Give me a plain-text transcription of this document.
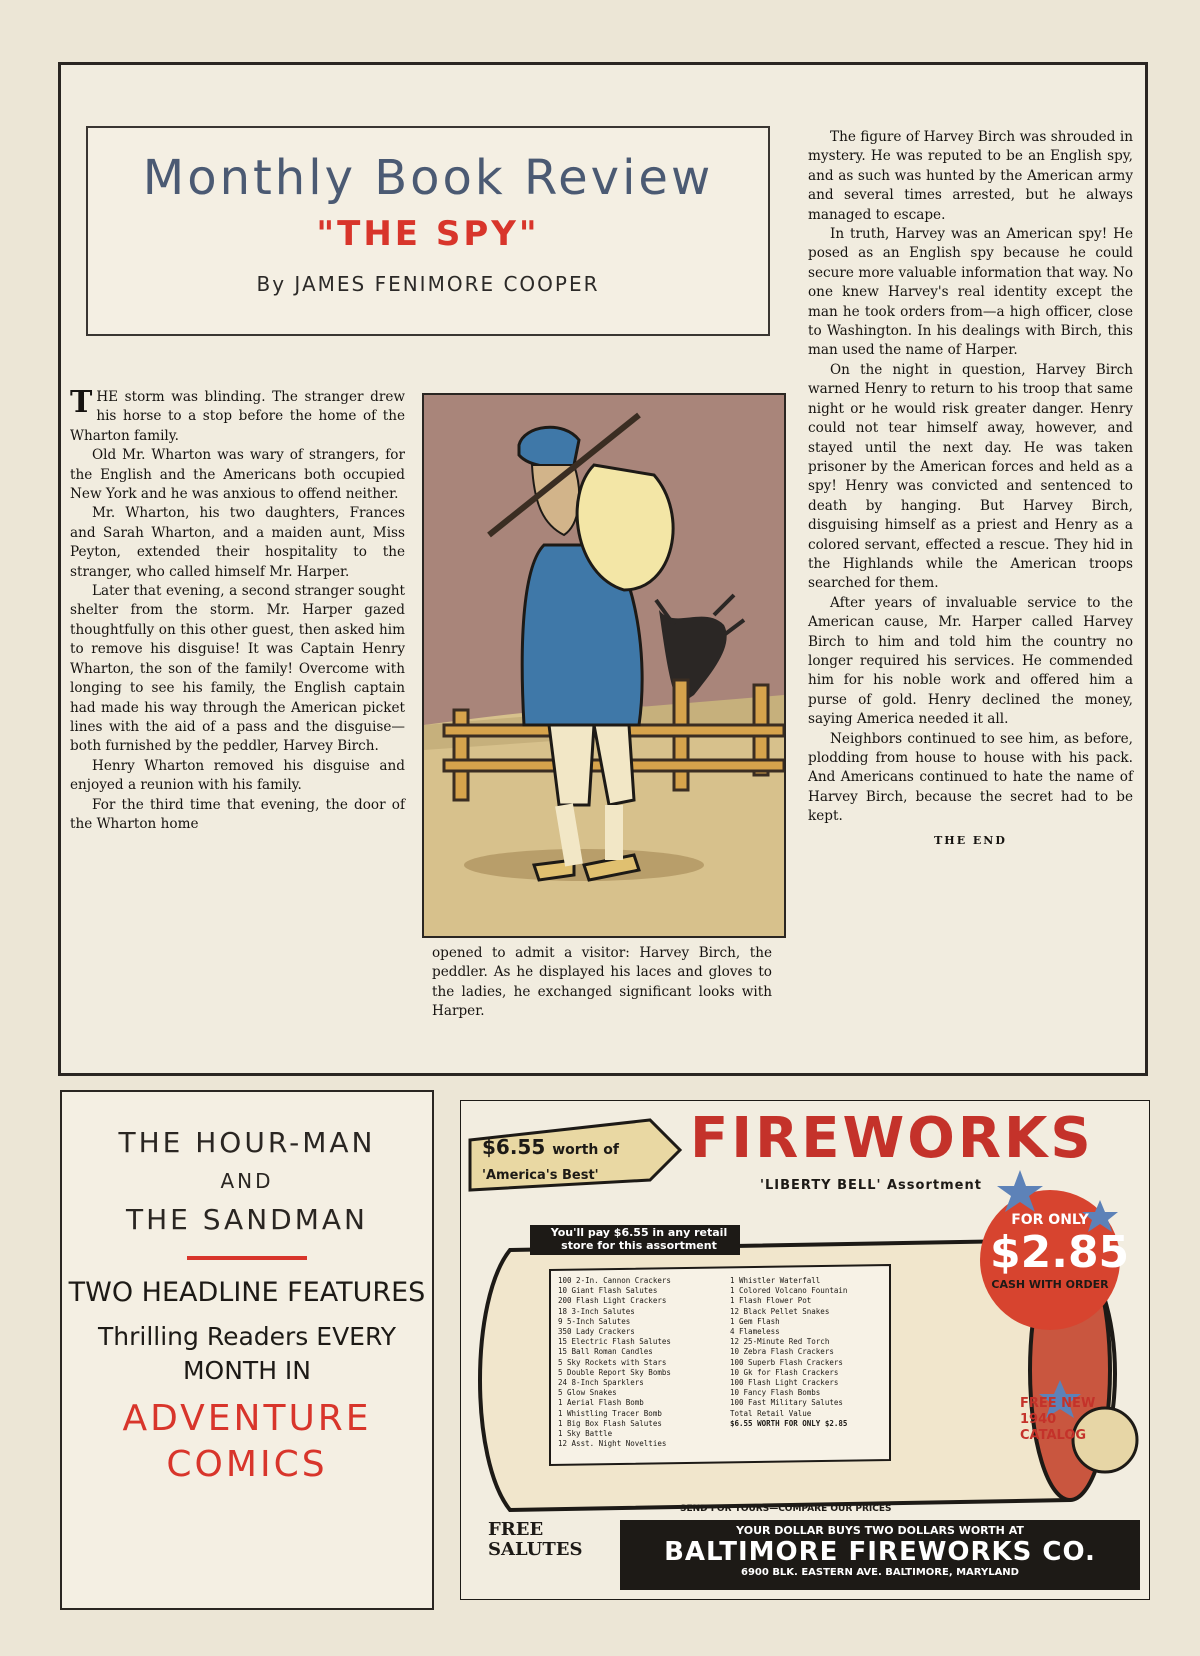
Monthly Book Review
"THE SPY"
By JAMES FENIMORE COOPER

THE storm was blinding. The stranger drew his horse to a stop before the home of the Wharton family.

Old Mr. Wharton was wary of strangers, for the English and the Americans both occupied New York and he was anxious to offend neither.

Mr. Wharton, his two daughters, Frances and Sarah Wharton, and a maiden aunt, Miss Peyton, extended their hospitality to the stranger, who called himself Mr. Harper.

Later that evening, a second stranger sought shelter from the storm. Mr. Harper gazed thoughtfully on this other guest, then asked him to remove his disguise! It was Captain Henry Wharton, the son of the family! Overcome with longing to see his family, the English captain had made his way through the American picket lines with the aid of a pass and the disguise—both furnished by the peddler, Harvey Birch.

Henry Wharton removed his disguise and enjoyed a reunion with his family.

For the third time that evening, the door of the Wharton home

opened to admit a visitor: Harvey Birch, the peddler. As he displayed his laces and gloves to the ladies, he exchanged significant looks with Harper.

The figure of Harvey Birch was shrouded in mystery. He was reputed to be an English spy, and as such was hunted by the American army and several times arrested, but he always managed to escape.

In truth, Harvey was an American spy! He posed as an English spy because he could secure more valuable information that way. No one knew Harvey's real identity except the man he took orders from—a high officer, close to Washington. In his dealings with Birch, this man used the name of Harper.

On the night in question, Harvey Birch warned Henry to return to his troop that same night or he would risk greater danger. Henry could not tear himself away, however, and stayed until the next day. He was taken prisoner by the American forces and held as a spy! Henry was convicted and sentenced to death by hanging. But Harvey Birch, disguising himself as a priest and Henry as a colored servant, effected a rescue. They hid in the Highlands while the American troops searched for them.

After years of invaluable service to the American cause, Mr. Harper called Harvey Birch to him and told him the country no longer required his services. He commended him for his noble work and offered him a purse of gold. Henry declined the money, saying America needed it all.

Neighbors continued to see him, as before, plodding from house to house with his pack. And Americans continued to hate the name of Harvey Birch, because the secret had to be kept.

THE END
THE HOUR-MAN
AND
THE SANDMAN
TWO HEADLINE FEATURES
Thrilling Readers EVERY MONTH IN
ADVENTURE COMICS
$6.55 worth of
'America's Best'
FIREWORKS
'LIBERTY BELL' Assortment
You'll pay $6.55 in any retail store for this assortment
100 2-In. Cannon Crackers
10 Giant Flash Salutes
200 Flash Light Crackers
18 3-Inch Salutes
9 5-Inch Salutes
350 Lady Crackers
15 Electric Flash Salutes
15 Ball Roman Candles
5 Sky Rockets with Stars
5 Double Report Sky Bombs
24 8-Inch Sparklers
5 Glow Snakes
1 Aerial Flash Bomb
1 Whistling Tracer Bomb
1 Big Box Flash Salutes
1 Sky Battle
12 Asst. Night Novelties
1 Whistler Waterfall
1 Colored Volcano Fountain
1 Flash Flower Pot
12 Black Pellet Snakes
1 Gem Flash
4 Flameless
12 25-Minute Red Torch
10 Zebra Flash Crackers
100 Superb Flash Crackers
10 Gk for Flash Crackers
100 Flash Light Crackers
10 Fancy Flash Bombs
100 Fast Military Salutes
Total Retail Value
$6.55 WORTH FOR ONLY $2.85
FOR ONLY
$2.85
CASH WITH ORDER
FREE NEW 1940 CATALOG
SEND FOR YOURS—COMPARE OUR PRICES
FREE SALUTES
YOUR DOLLAR BUYS TWO DOLLARS WORTH AT
BALTIMORE FIREWORKS CO.
6900 BLK. EASTERN AVE. BALTIMORE, MARYLAND
